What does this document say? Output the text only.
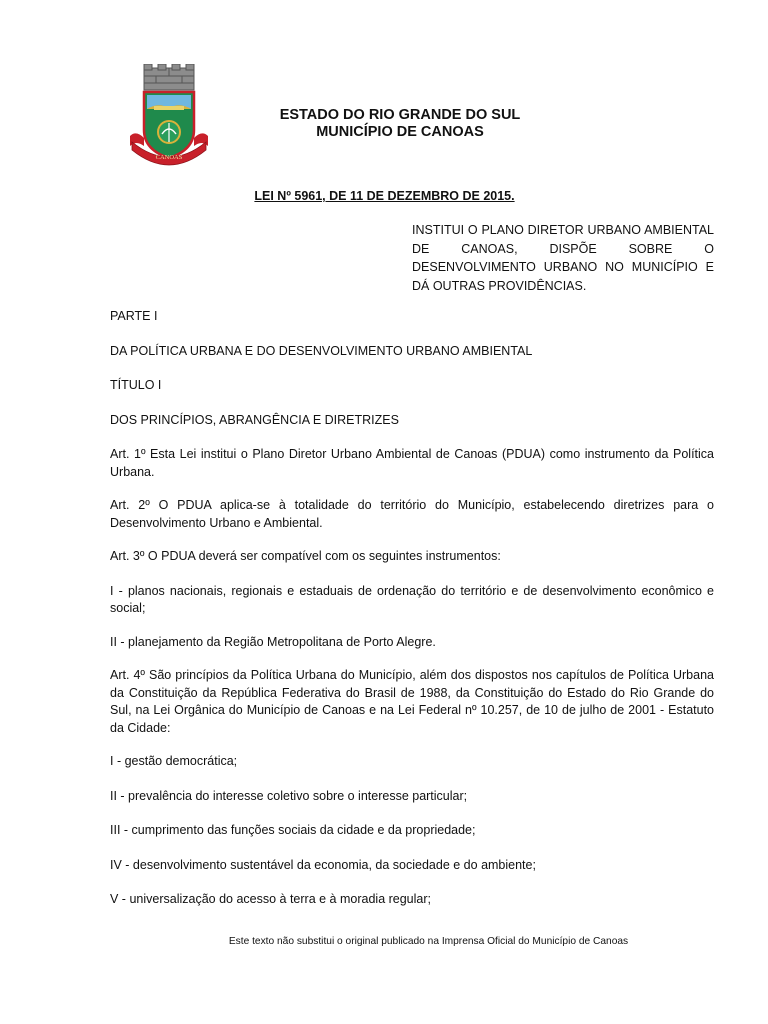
CANOAS
ESTADO DO RIO GRANDE DO SUL
MUNICÍPIO DE CANOAS
LEI Nº 5961, DE 11 DE DEZEMBRO DE 2015.
INSTITUI O PLANO DIRETOR URBANO AMBIENTAL DE CANOAS, DISPÕE SOBRE O DESENVOLVIMENTO URBANO NO MUNICÍPIO E DÁ OUTRAS PROVIDÊNCIAS.

PARTE I

DA POLÍTICA URBANA E DO DESENVOLVIMENTO URBANO AMBIENTAL

TÍTULO I

DOS PRINCÍPIOS, ABRANGÊNCIA E DIRETRIZES

Art. 1º Esta Lei institui o Plano Diretor Urbano Ambiental de Canoas (PDUA) como instrumento da Política Urbana.

Art. 2º O PDUA aplica-se à totalidade do território do Município, estabelecendo diretrizes para o Desenvolvimento Urbano e Ambiental.

Art. 3º O PDUA deverá ser compatível com os seguintes instrumentos:

I - planos nacionais, regionais e estaduais de ordenação do território e de desenvolvimento econômico e social;

II - planejamento da Região Metropolitana de Porto Alegre.

Art. 4º São princípios da Política Urbana do Município, além dos dispostos nos capítulos de Política Urbana da Constituição da República Federativa do Brasil de 1988, da Constituição do Estado do Rio Grande do Sul, na Lei Orgânica do Município de Canoas e na Lei Federal nº 10.257, de 10 de julho de 2001 - Estatuto da Cidade:

I - gestão democrática;

II - prevalência do interesse coletivo sobre o interesse particular;

III - cumprimento das funções sociais da cidade e da propriedade;

IV - desenvolvimento sustentável da economia, da sociedade e do ambiente;

V - universalização do acesso à terra e à moradia regular;

Este texto não substitui o original publicado na Imprensa Oficial do Município de Canoas
